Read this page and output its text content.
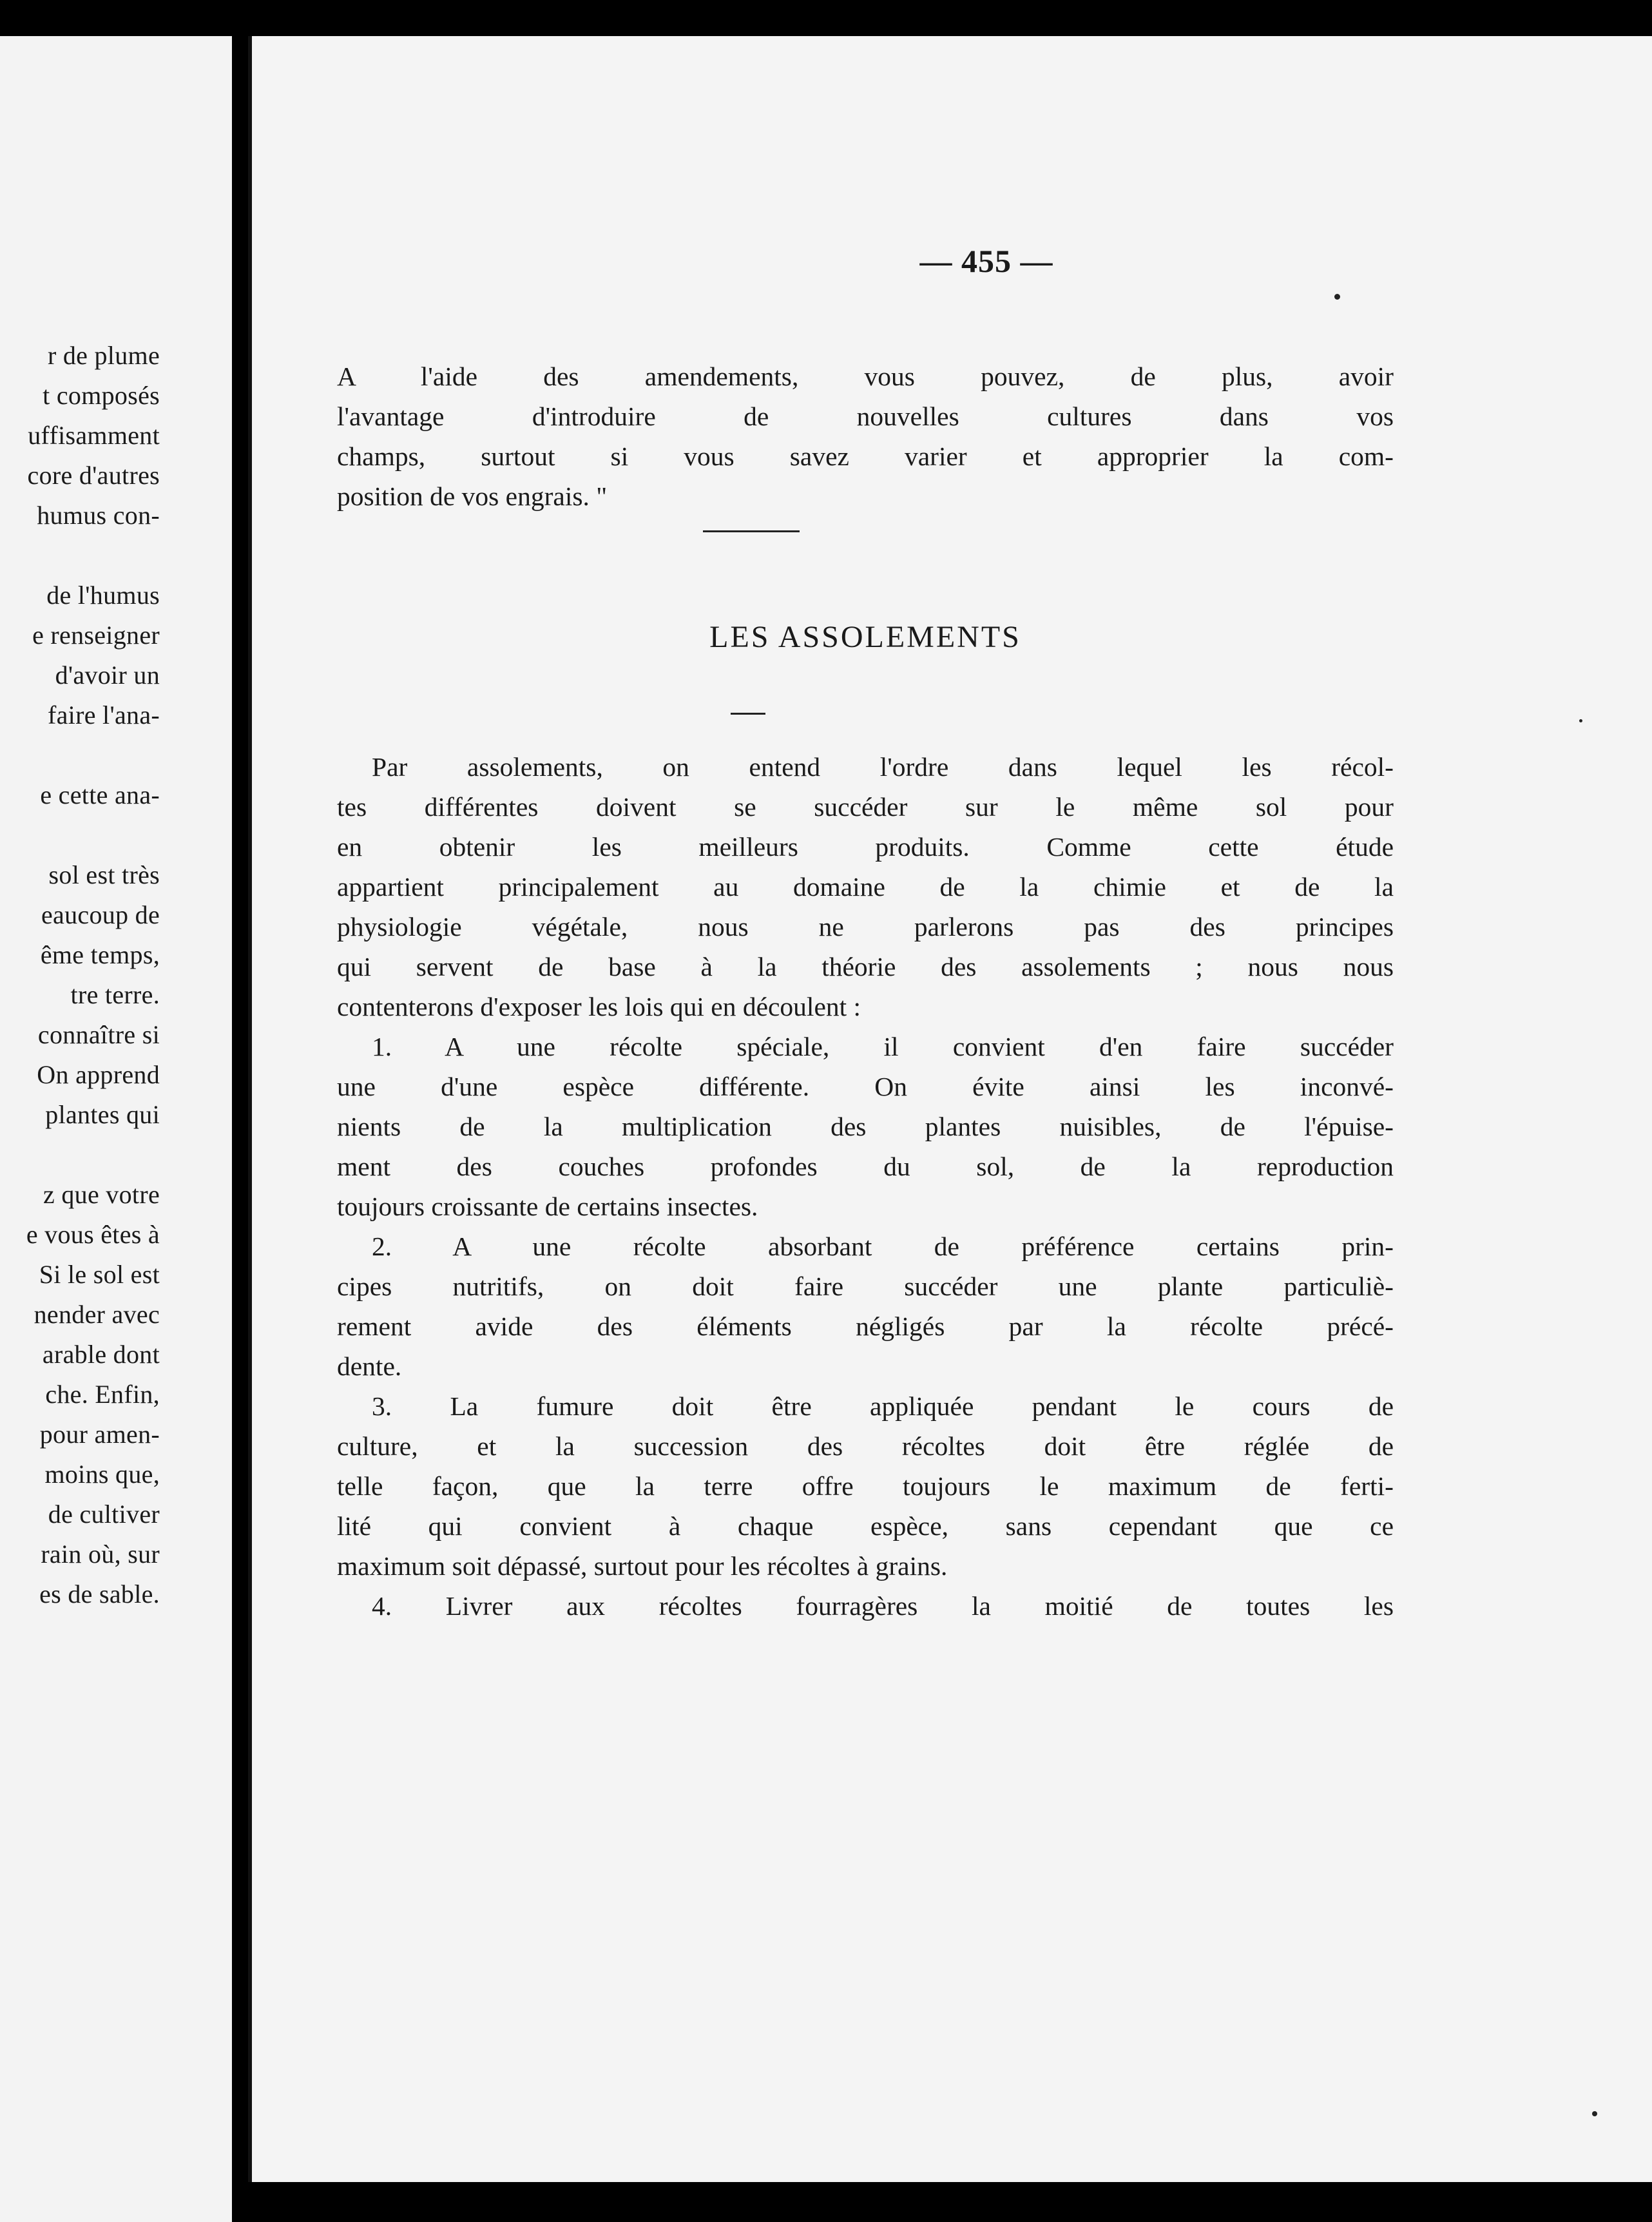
r de plume
t composés
uffisamment
core d'autres
humus con-
de l'humus
e renseigner
d'avoir un
faire l'ana-
e cette ana-
sol est très
eaucoup de
ême temps,
tre terre.
connaître si
On apprend
plantes qui
z que votre
e vous êtes à
Si le sol est
nender avec
arable dont
che. Enfin,
pour amen-
moins que,
de cultiver
rain où, sur
es de sable.
— 455 —
A l'aide des amendements, vous pouvez, de plus, avoir
l'avantage d'introduire de nouvelles cultures dans vos
champs, surtout si vous savez varier et approprier la com-
position de vos engrais. "
LES ASSOLEMENTS
Par assolements, on entend l'ordre dans lequel les récol-
tes différentes doivent se succéder sur le même sol pour
en obtenir les meilleurs produits. Comme cette étude
appartient principalement au domaine de la chimie et de la
physiologie végétale, nous ne parlerons pas des principes
qui servent de base à la théorie des assolements ; nous nous
contenterons d'exposer les lois qui en découlent :
1. A une récolte spéciale, il convient d'en faire succéder
une d'une espèce différente. On évite ainsi les inconvé-
nients de la multiplication des plantes nuisibles, de l'épuise-
ment des couches profondes du sol, de la reproduction
toujours croissante de certains insectes.
2. A une récolte absorbant de préférence certains prin-
cipes nutritifs, on doit faire succéder une plante particuliè-
rement avide des éléments négligés par la récolte précé-
dente.
3. La fumure doit être appliquée pendant le cours de
culture, et la succession des récoltes doit être réglée de
telle façon, que la terre offre toujours le maximum de ferti-
lité qui convient à chaque espèce, sans cependant que ce
maximum soit dépassé, surtout pour les récoltes à grains.
4. Livrer aux récoltes fourragères la moitié de toutes les
